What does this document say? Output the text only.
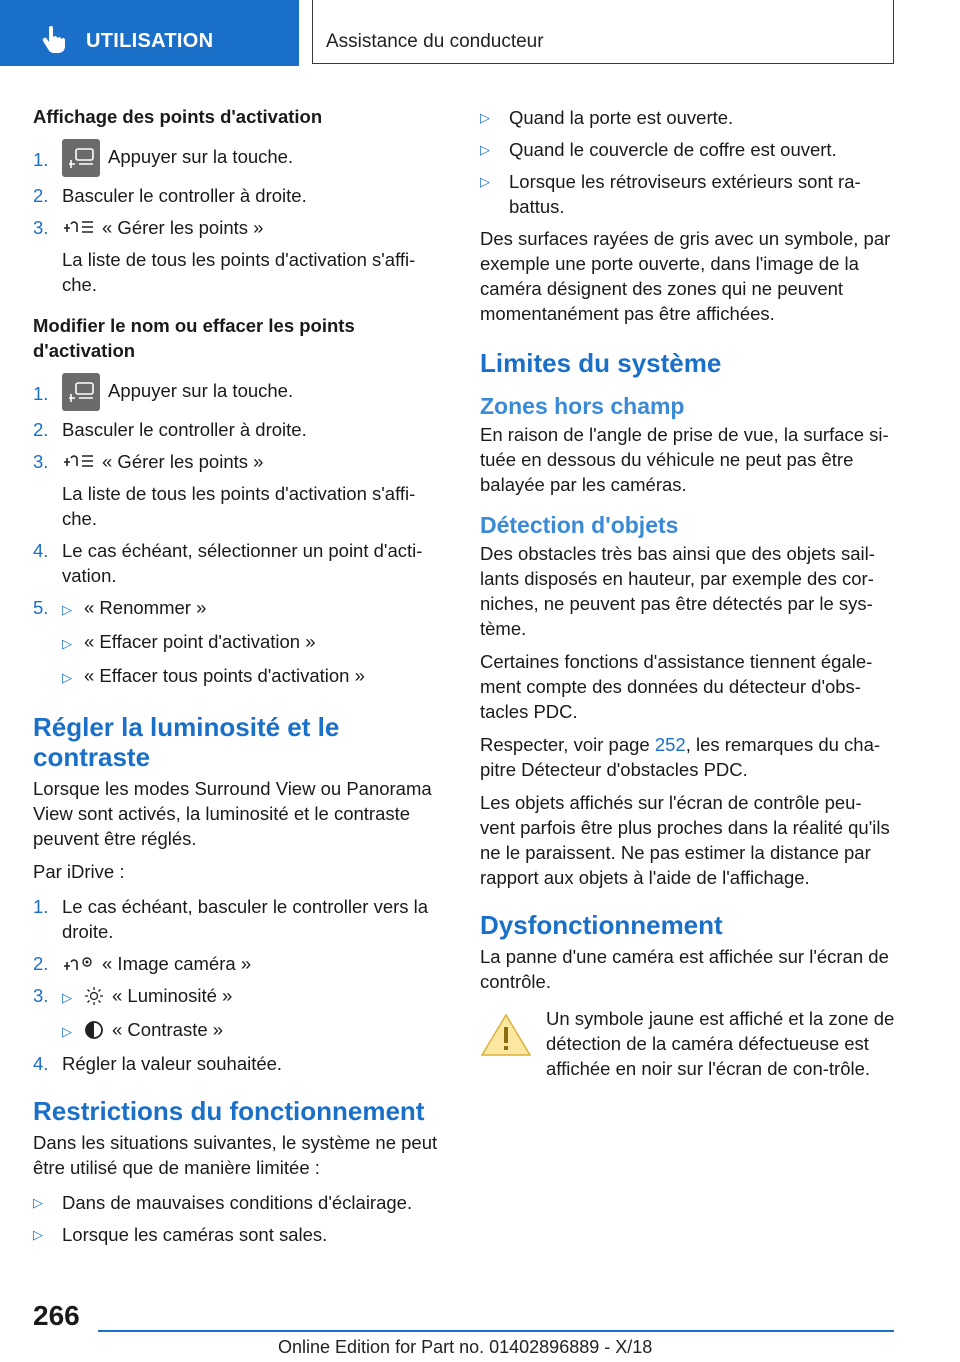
UTILISATION	Assistance du conducteur
Affichage des points d'activation
1.	Appuyer sur la touche.
2. Basculer le controller à droite.
3.	« Gérer les points »

La liste de tous les points d'activation s'affi-che.

Modifier le nom ou effacer les points d'activation
1.	Appuyer sur la touche.
2. Basculer le controller à droite.
3.	« Gérer les points »

La liste de tous les points d'activation s'affi-che.

4. Le cas échéant, sélectionner un point d'acti-vation.
5. ▷ « Renommer »
▷ « Effacer point d'activation »
▷ « Effacer tous points d'activation »
Régler la luminosité et le contraste

Lorsque les modes Surround View ou Panorama View sont activés, la luminosité et le contraste peuvent être réglés.

Par iDrive :

1. Le cas échéant, basculer le controller vers la droite.
2.	« Image caméra »
3. ▷ « Luminosité »
▷ « Contraste »
4. Régler la valeur souhaitée.
Restrictions du fonctionnement

Dans les situations suivantes, le système ne peut être utilisé que de manière limitée :

▷ Dans de mauvaises conditions d'éclairage.
▷ Lorsque les caméras sont sales.
▷ Quand la porte est ouverte.
▷ Quand le couvercle de coffre est ouvert.
▷ Lorsque les rétroviseurs extérieurs sont ra-battus.

Des surfaces rayées de gris avec un symbole, par exemple une porte ouverte, dans l'image de la caméra désignent des zones qui ne peuvent momentanément pas être affichées.

Limites du système
Zones hors champ

En raison de l'angle de prise de vue, la surface si-tuée en dessous du véhicule ne peut pas être balayée par les caméras.

Détection d'objets

Des obstacles très bas ainsi que des objets sail-lants disposés en hauteur, par exemple des cor-niches, ne peuvent pas être détectés par le sys-tème.

Certaines fonctions d'assistance tiennent égale-ment compte des données du détecteur d'obs-tacles PDC.

Respecter, voir page 252, les remarques du cha-pitre Détecteur d'obstacles PDC.

Les objets affichés sur l'écran de contrôle peu-vent parfois être plus proches dans la réalité qu'ils ne le paraissent. Ne pas estimer la distance par rapport aux objets à l'aide de l'affichage.

Dysfonctionnement

La panne d'une caméra est affichée sur l'écran de contrôle.

Un symbole jaune est affiché et la zone de détection de la caméra défectueuse est affichée en noir sur l'écran de con-trôle.

266
Online Edition for Part no. 01402896889 - X/18
